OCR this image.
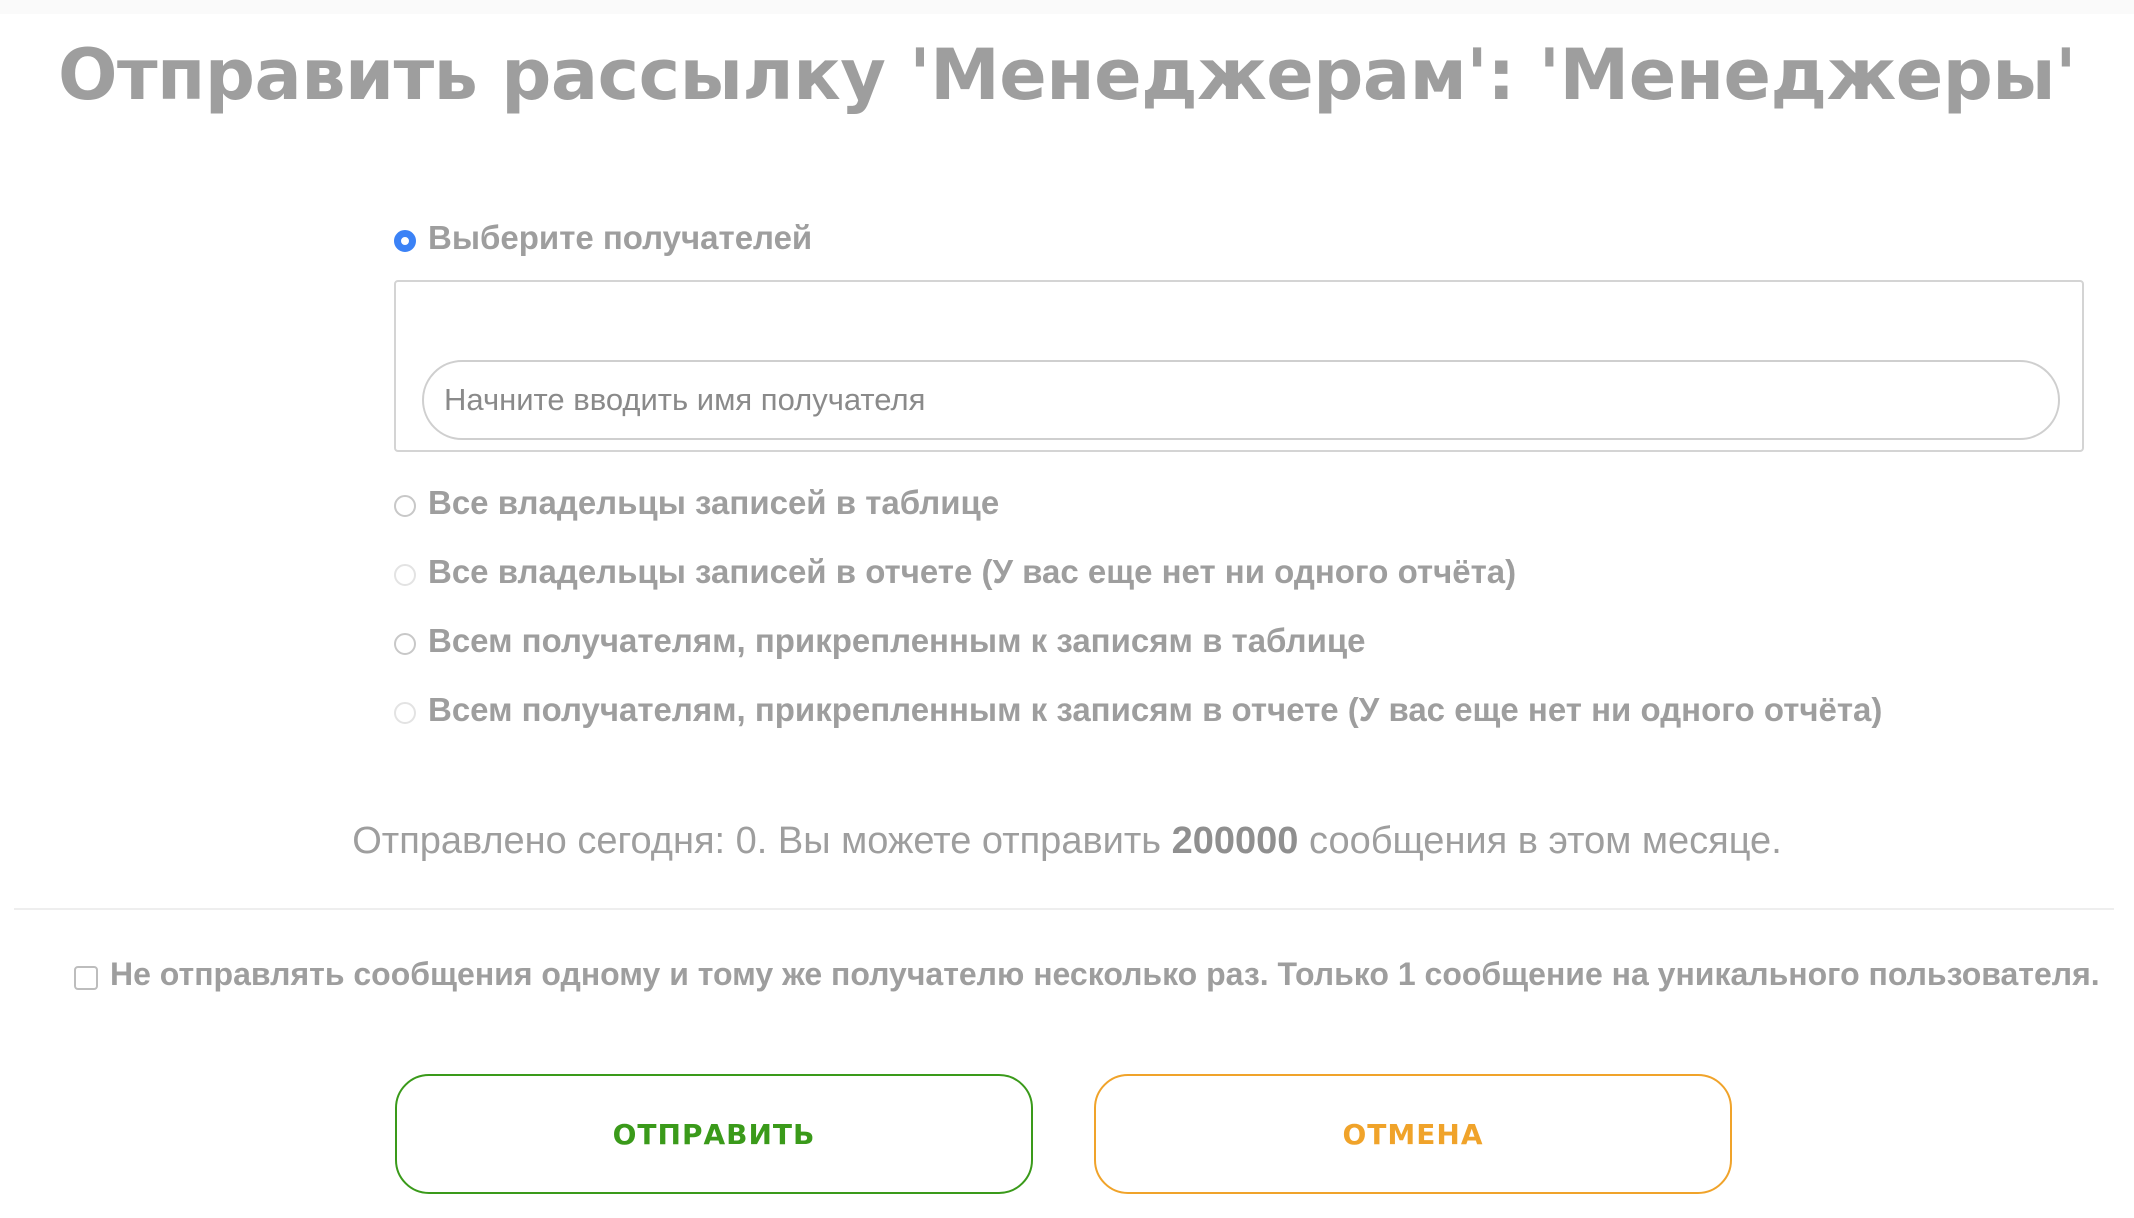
Отправить рассылку 'Менеджерам': 'Менеджеры'
Выберите получателей
Начните вводить имя получателя
Все владельцы записей в таблице
Все владельцы записей в отчете (У вас еще нет ни одного отчёта)
Всем получателям, прикрепленным к записям в таблице
Всем получателям, прикрепленным к записям в отчете (У вас еще нет ни одного отчёта)
Отправлено сегодня: 0. Вы можете отправить 200000 сообщения в этом месяце.
Не отправлять сообщения одному и тому же получателю несколько раз. Только 1 сообщение на уникального пользователя.
ОТПРАВИТЬ	ОТМЕНА
